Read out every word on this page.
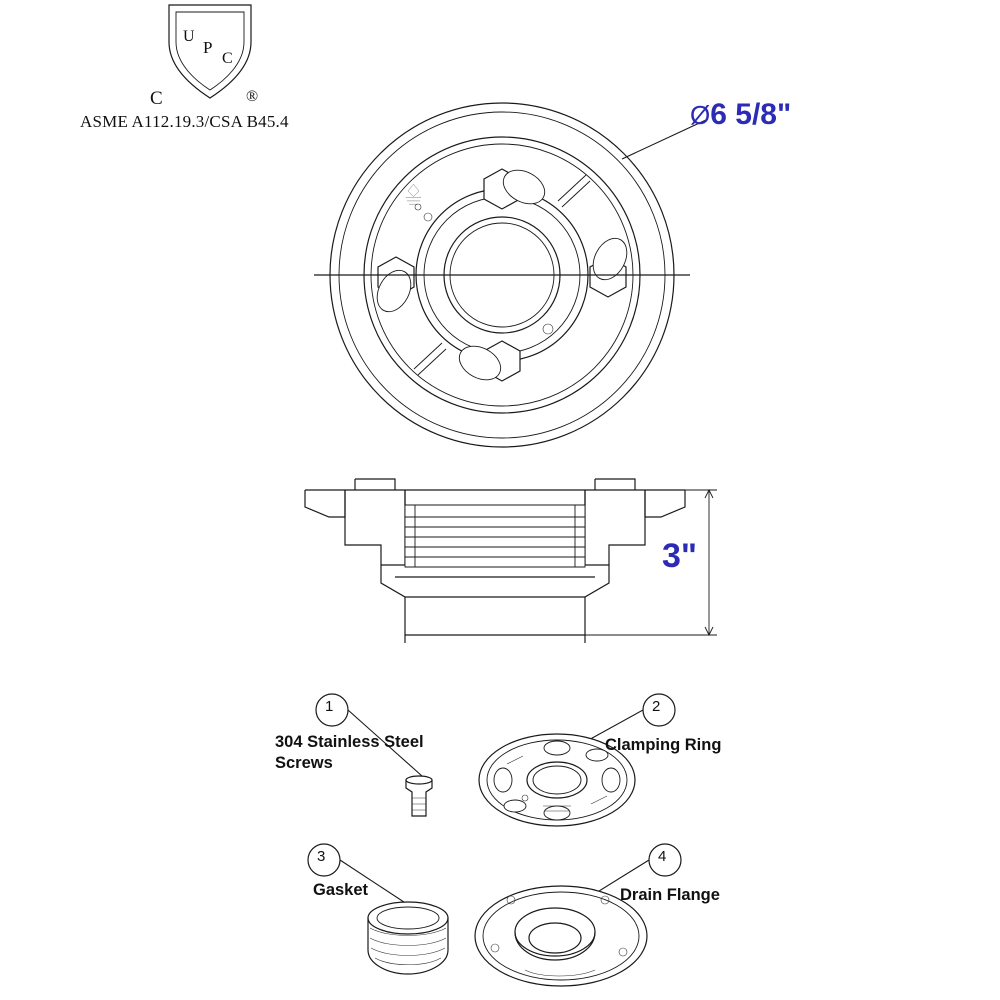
U
P
C
C	®
ASME A112.19.3/CSA B45.4	Ø6 5/8"
3"
1
304 Stainless Steel Screws
2
Clamping Ring
3
Gasket
4
Drain Flange
